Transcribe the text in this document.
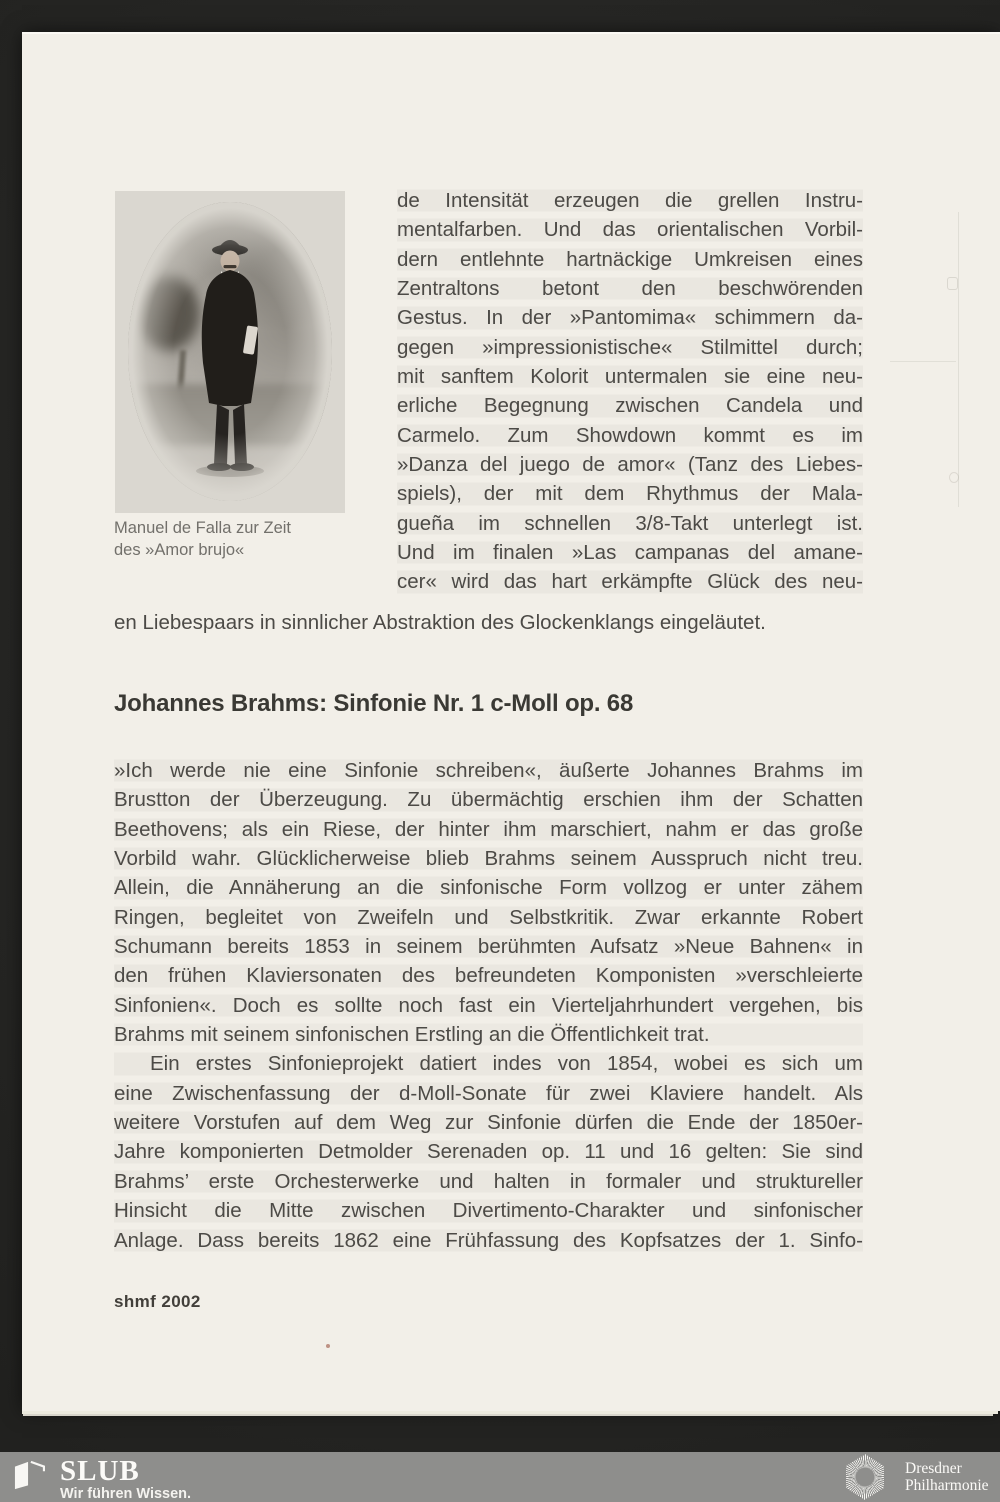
Manuel de Falla zur Zeit
des »Amor brujo«
de Intensität erzeugen die grellen Instru-
mentalfarben. Und das orientalischen Vorbil-
dern entlehnte hartnäckige Umkreisen eines
Zentraltons betont den beschwörenden
Gestus. In der »Pantomima« schimmern da-
gegen »impressionistische« Stilmittel durch;
mit sanftem Kolorit untermalen sie eine neu-
erliche Begegnung zwischen Candela und
Carmelo. Zum Showdown kommt es im
»Danza del juego de amor« (Tanz des Liebes-
spiels), der mit dem Rhythmus der Mala-
gueña im schnellen 3/8-Takt unterlegt ist.
Und im finalen »Las campanas del amane-
cer« wird das hart erkämpfte Glück des neu-
en Liebespaars in sinnlicher Abstraktion des Glockenklangs eingeläutet.
Johannes Brahms: Sinfonie Nr. 1 c-Moll op. 68
»Ich werde nie eine Sinfonie schreiben«, äußerte Johannes Brahms im
Brustton der Überzeugung. Zu übermächtig erschien ihm der Schatten
Beethovens; als ein Riese, der hinter ihm marschiert, nahm er das große
Vorbild wahr. Glücklicherweise blieb Brahms seinem Ausspruch nicht treu.
Allein, die Annäherung an die sinfonische Form vollzog er unter zähem
Ringen, begleitet von Zweifeln und Selbstkritik. Zwar erkannte Robert
Schumann bereits 1853 in seinem berühmten Aufsatz »Neue Bahnen« in
den frühen Klaviersonaten des befreundeten Komponisten »verschleierte
Sinfonien«. Doch es sollte noch fast ein Vierteljahrhundert vergehen, bis
Brahms mit seinem sinfonischen Erstling an die Öffentlichkeit trat.
Ein erstes Sinfonieprojekt datiert indes von 1854, wobei es sich um
eine Zwischenfassung der d-Moll-Sonate für zwei Klaviere handelt. Als
weitere Vorstufen auf dem Weg zur Sinfonie dürfen die Ende der 1850er-
Jahre komponierten Detmolder Serenaden op. 11 und 16 gelten: Sie sind
Brahms’ erste Orchesterwerke und halten in formaler und struktureller
Hinsicht die Mitte zwischen Divertimento-Charakter und sinfonischer
Anlage. Dass bereits 1862 eine Frühfassung des Kopfsatzes der 1. Sinfo-
shmf 2002
SLUB
Wir führen Wissen.
Dresdner
Philharmonie
